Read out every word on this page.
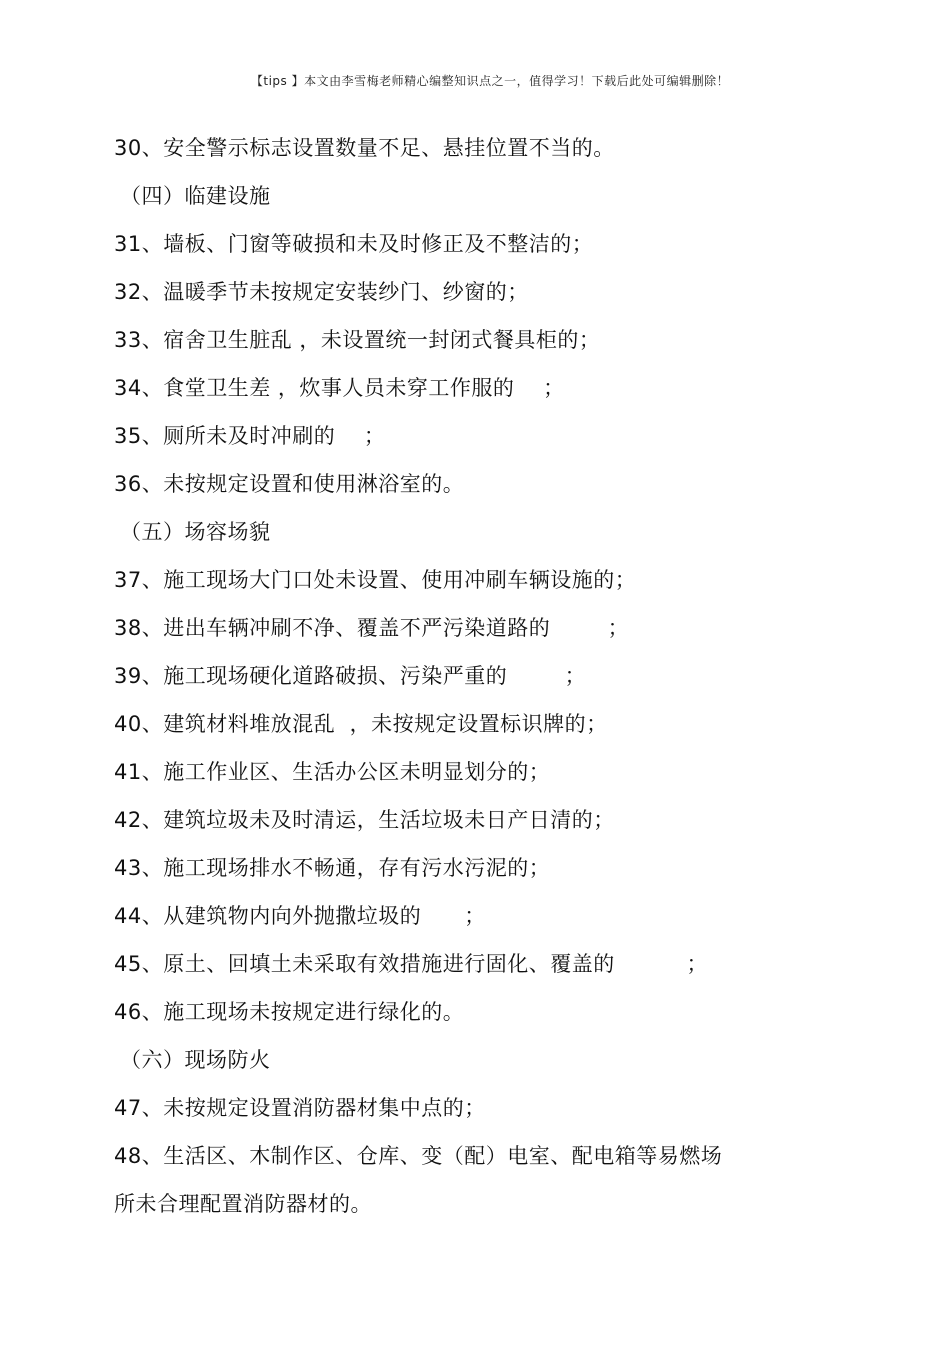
【tips 】本文由李雪梅老师精心编整知识点之一，值得学习！下载后此处可编辑删除！
30、安全警示标志设置数量不足、悬挂位置不当的。
（四）临建设施
31、墙板、门窗等破损和未及时修正及不整洁的；
32、温暖季节未按规定安装纱门、纱窗的；
33、宿舍卫生脏乱 ，未设置统一封闭式餐具柜的；
34、食堂卫生差 ，炊事人员未穿工作服的    ；
35、厕所未及时冲刷的    ；
36、未按规定设置和使用淋浴室的。
（五）场容场貌
37、施工现场大门口处未设置、使用冲刷车辆设施的；
38、进出车辆冲刷不净、覆盖不严污染道路的        ；
39、施工现场硬化道路破损、污染严重的        ；
40、建筑材料堆放混乱  ，未按规定设置标识牌的；
41、施工作业区、生活办公区未明显划分的；
42、建筑垃圾未及时清运，生活垃圾未日产日清的；
43、施工现场排水不畅通，存有污水污泥的；
44、从建筑物内向外抛撒垃圾的      ；
45、原土、回填土未采取有效措施进行固化、覆盖的          ；
46、施工现场未按规定进行绿化的。
（六）现场防火
47、未按规定设置消防器材集中点的；
48、生活区、木制作区、仓库、变（配）电室、配电箱等易燃场
所未合理配置消防器材的。
